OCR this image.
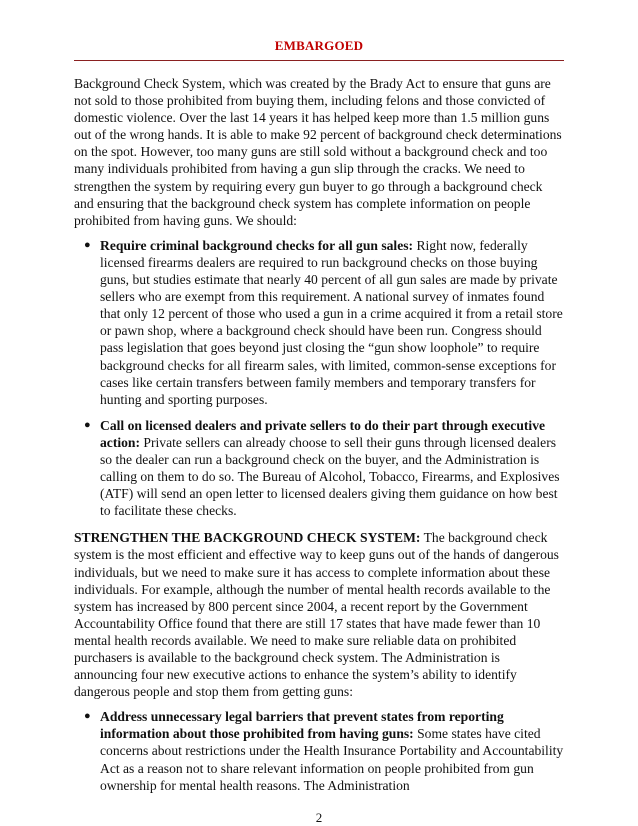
EMBARGOED

Background Check System, which was created by the Brady Act to ensure that guns are not sold to those prohibited from buying them, including felons and those convicted of domestic violence. Over the last 14 years it has helped keep more than 1.5 million guns out of the wrong hands. It is able to make 92 percent of background check determinations on the spot. However, too many guns are still sold without a background check and too many individuals prohibited from having a gun slip through the cracks. We need to strengthen the system by requiring every gun buyer to go through a background check and ensuring that the background check system has complete information on people prohibited from having guns. We should:

● Require criminal background checks for all gun sales: Right now, federally licensed firearms dealers are required to run background checks on those buying guns, but studies estimate that nearly 40 percent of all gun sales are made by private sellers who are exempt from this requirement. A national survey of inmates found that only 12 percent of those who used a gun in a crime acquired it from a retail store or pawn shop, where a background check should have been run. Congress should pass legislation that goes beyond just closing the “gun show loophole” to require background checks for all firearm sales, with limited, common-sense exceptions for cases like certain transfers between family members and temporary transfers for hunting and sporting purposes.
● Call on licensed dealers and private sellers to do their part through executive action: Private sellers can already choose to sell their guns through licensed dealers so the dealer can run a background check on the buyer, and the Administration is calling on them to do so. The Bureau of Alcohol, Tobacco, Firearms, and Explosives (ATF) will send an open letter to licensed dealers giving them guidance on how best to facilitate these checks.

STRENGTHEN THE BACKGROUND CHECK SYSTEM: The background check system is the most efficient and effective way to keep guns out of the hands of dangerous individuals, but we need to make sure it has access to complete information about these individuals. For example, although the number of mental health records available to the system has increased by 800 percent since 2004, a recent report by the Government Accountability Office found that there are still 17 states that have made fewer than 10 mental health records available. We need to make sure reliable data on prohibited purchasers is available to the background check system. The Administration is announcing four new executive actions to enhance the system’s ability to identify dangerous people and stop them from getting guns:

● Address unnecessary legal barriers that prevent states from reporting information about those prohibited from having guns: Some states have cited concerns about restrictions under the Health Insurance Portability and Accountability Act as a reason not to share relevant information on people prohibited from gun ownership for mental health reasons. The Administration
2
